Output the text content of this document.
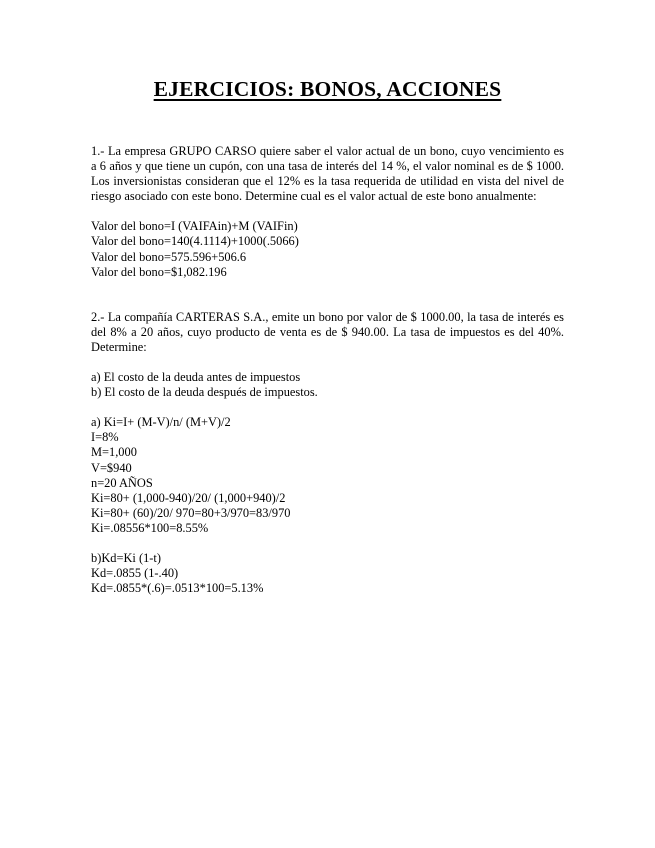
EJERCICIOS: BONOS, ACCIONES

1.- La empresa GRUPO CARSO quiere saber el valor actual de un bono, cuyo vencimiento es a 6 años y que tiene un cupón, con una tasa de interés del 14 %, el valor nominal es de $ 1000. Los inversionistas consideran que el 12% es la tasa requerida de utilidad en vista del nivel de riesgo asociado con este bono. Determine cual es el valor actual de este bono anualmente:

Valor del bono=I (VAIFAin)+M (VAIFin)
Valor del bono=140(4.1114)+1000(.5066)
Valor del bono=575.596+506.6
Valor del bono=$1,082.196

2.- La compañía CARTERAS S.A., emite un bono por valor de $ 1000.00, la tasa de interés es del 8% a 20 años, cuyo producto de venta es de $ 940.00. La tasa de impuestos es del 40%. Determine:

a) El costo de la deuda antes de impuestos
b) El costo de la deuda después de impuestos.
a) Ki=I+ (M-V)/n/ (M+V)/2
I=8%
M=1,000
V=$940
n=20 AÑOS
Ki=80+ (1,000-940)/20/ (1,000+940)/2
Ki=80+ (60)/20/ 970=80+3/970=83/970
Ki=.08556*100=8.55%
b)Kd=Ki (1-t)
Kd=.0855 (1-.40)
Kd=.0855*(.6)=.0513*100=5.13%
